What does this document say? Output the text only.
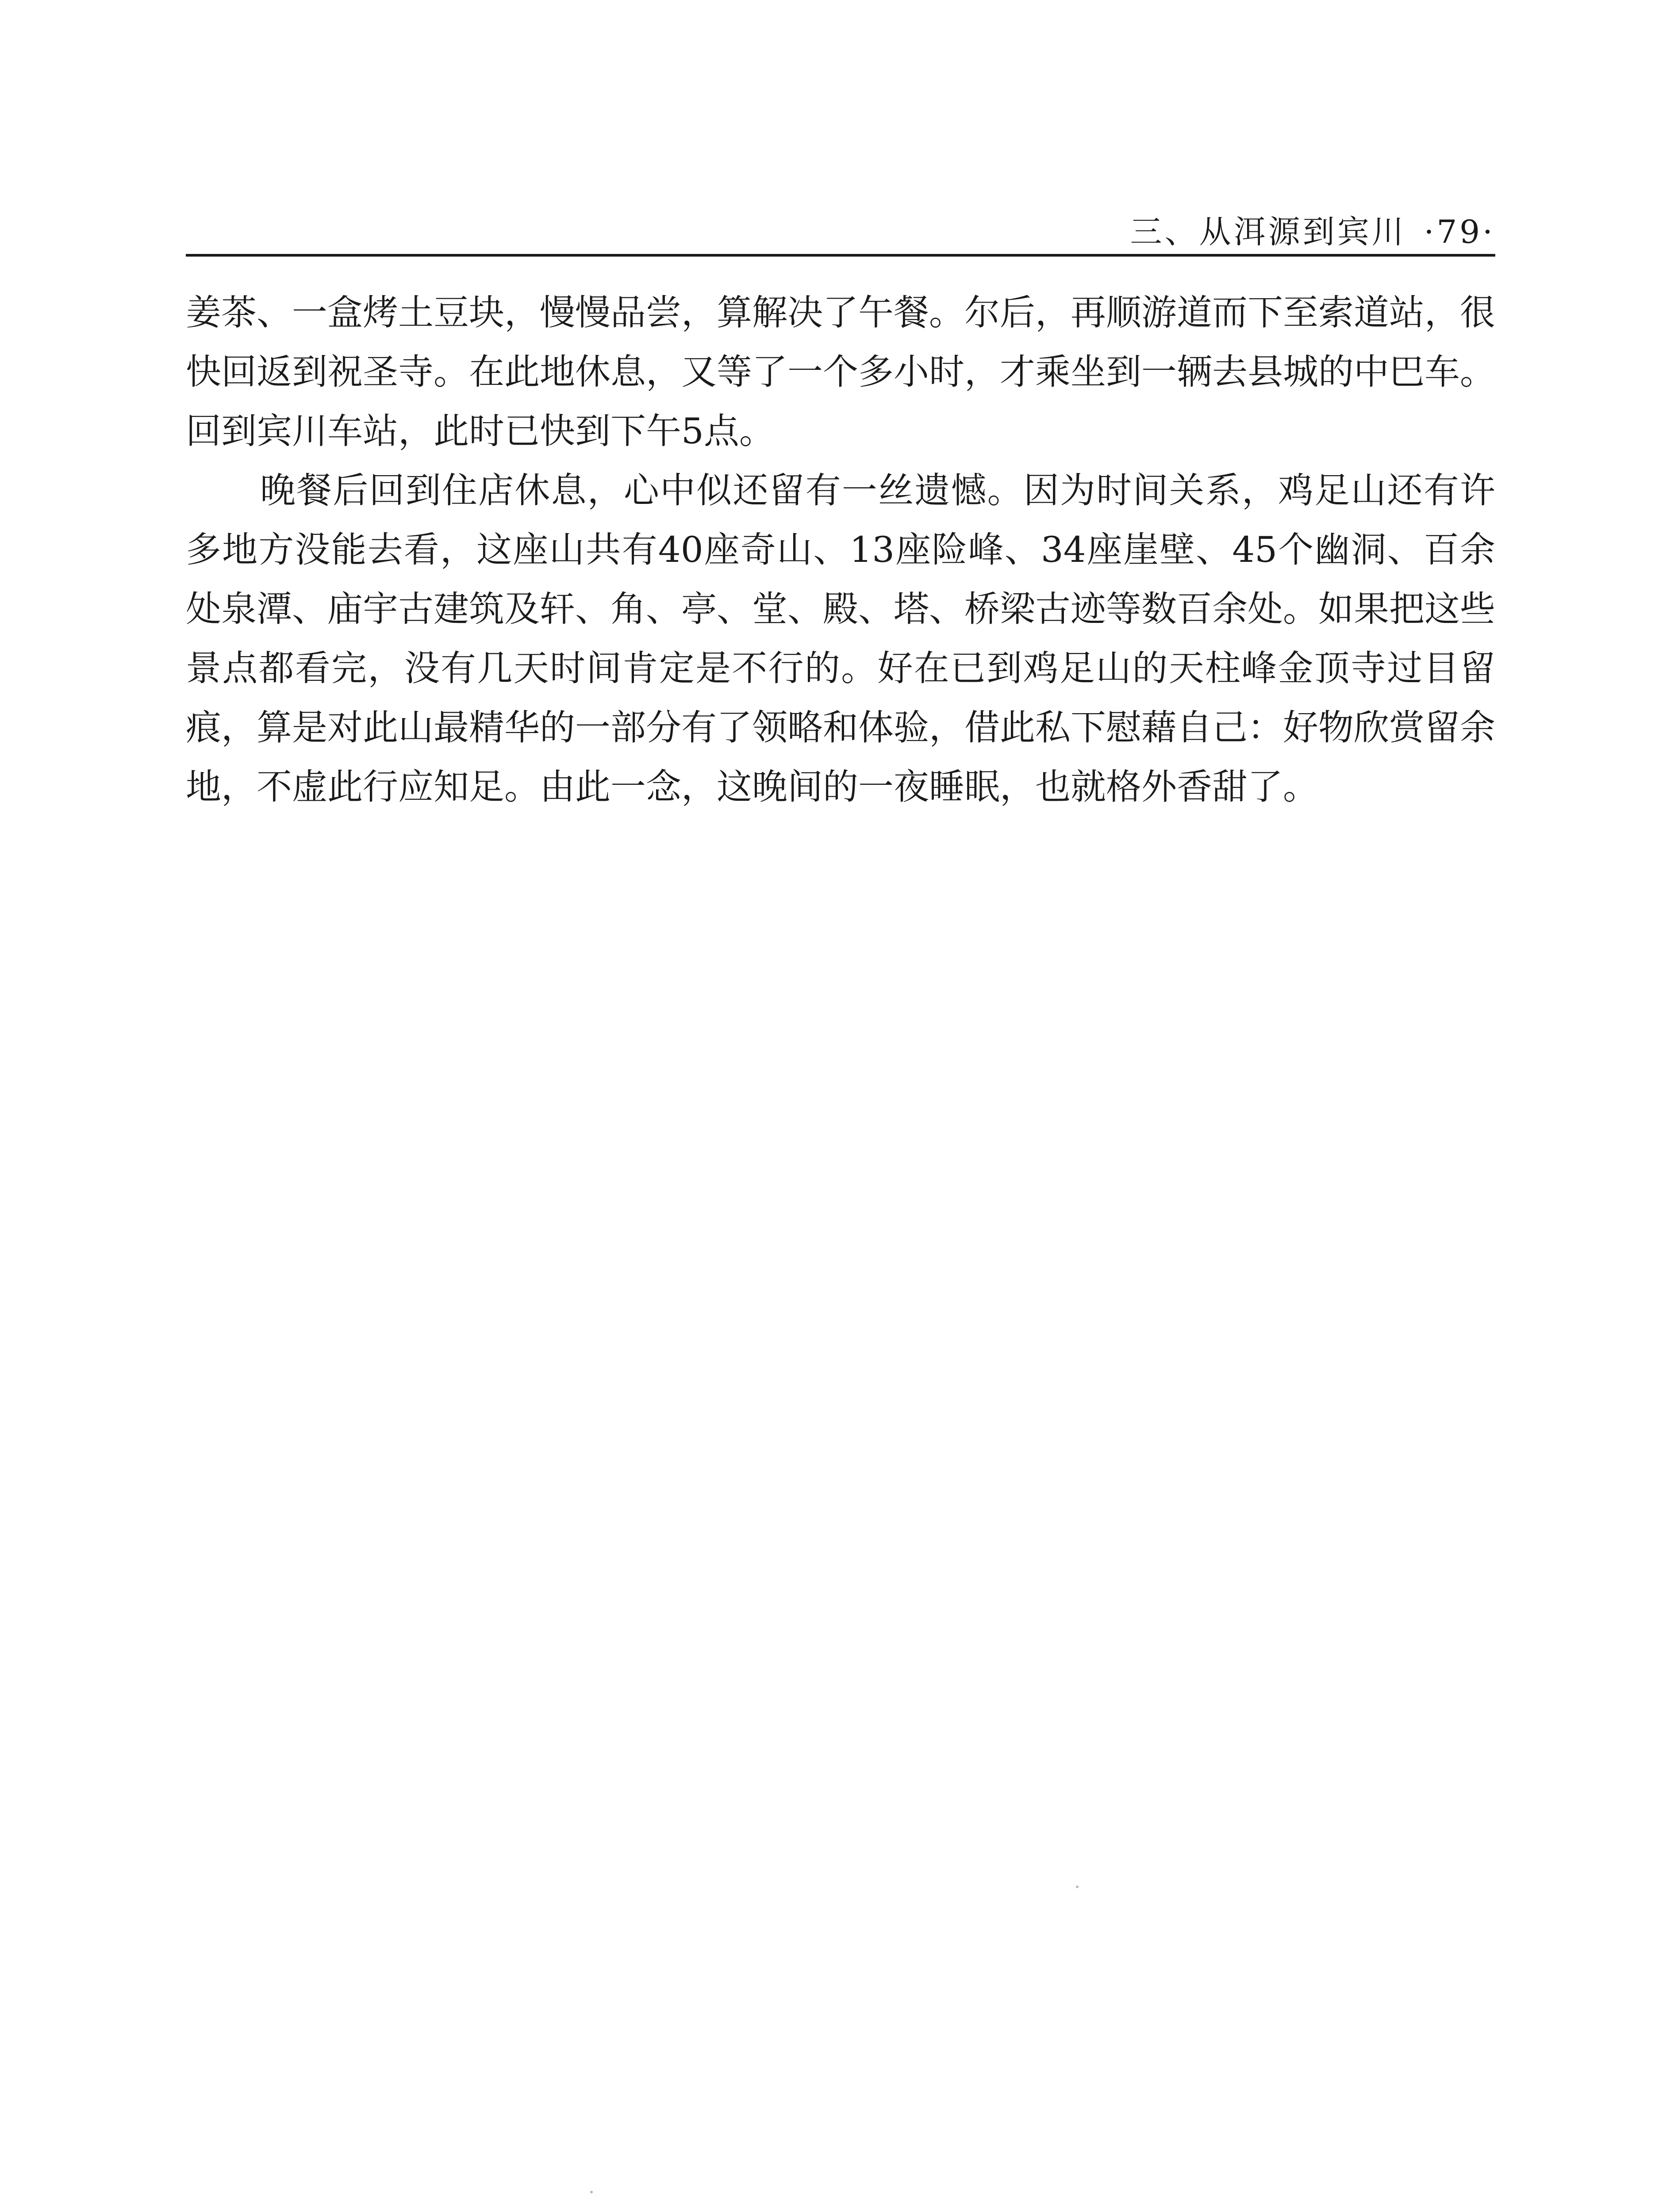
三、从洱源到宾川 ·79·

姜茶、一盒烤土豆块，慢慢品尝，算解决了午餐。尔后，再顺游道而下至索道站，很快回返到祝圣寺。在此地休息，又等了一个多小时，才乘坐到一辆去县城的中巴车。回到宾川车站，此时已快到下午5点。

晚餐后回到住店休息，心中似还留有一丝遗憾。因为时间关系，鸡足山还有许多地方没能去看，这座山共有40座奇山、13座险峰、34座崖壁、45个幽洞、百余处泉潭、庙宇古建筑及轩、角、亭、堂、殿、塔、桥梁古迹等数百余处。如果把这些景点都看完，没有几天时间肯定是不行的。好在已到鸡足山的天柱峰金顶寺过目留痕，算是对此山最精华的一部分有了领略和体验，借此私下慰藉自己：好物欣赏留余地，不虚此行应知足。由此一念，这晚间的一夜睡眠，也就格外香甜了。
